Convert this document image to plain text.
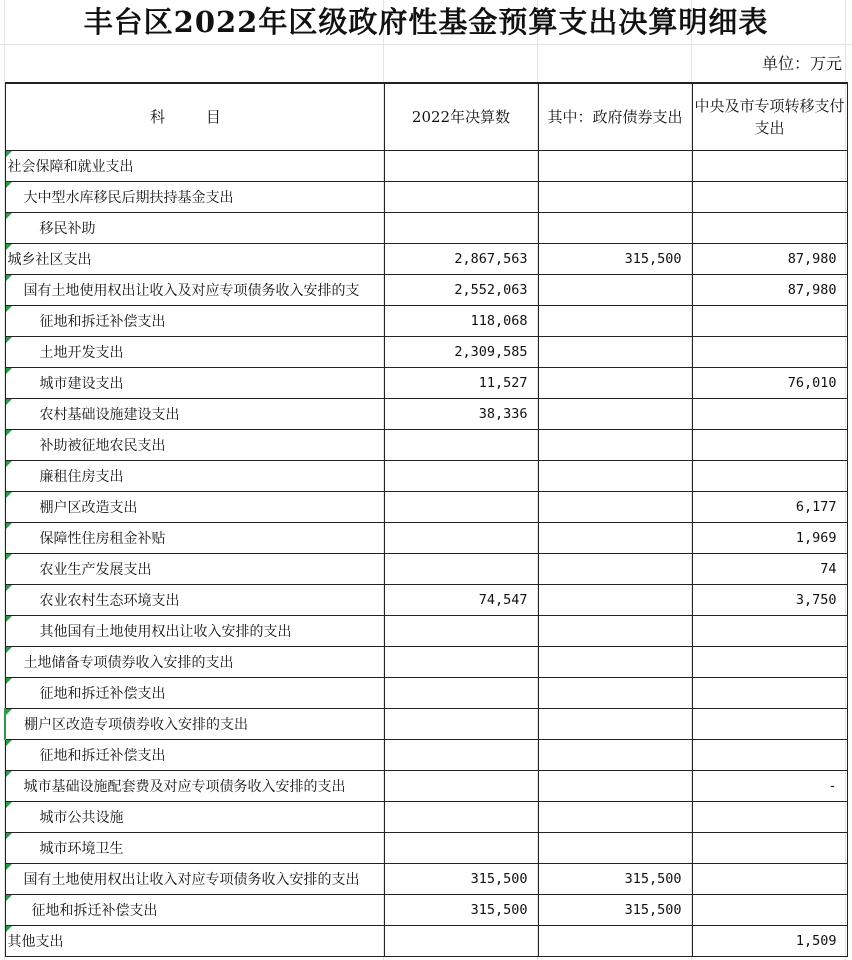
丰台区2022年区级政府性基金预算支出决算明细表
单位：万元
科 目	2022年决算数	其中：政府债券支出	中央及市专项转移支付支出
社会保障和就业支出			
大中型水库移民后期扶持基金支出			
移民补助			
城乡社区支出	2,867,563	315,500	87,980
国有土地使用权出让收入及对应专项债务收入安排的支	2,552,063		87,980
征地和拆迁补偿支出	118,068		
土地开发支出	2,309,585		
城市建设支出	11,527		76,010
农村基础设施建设支出	38,336		
补助被征地农民支出			
廉租住房支出			
棚户区改造支出			6,177
保障性住房租金补贴			1,969
农业生产发展支出			74
农业农村生态环境支出	74,547		3,750
其他国有土地使用权出让收入安排的支出			
土地储备专项债券收入安排的支出			
征地和拆迁补偿支出			
棚户区改造专项债券收入安排的支出			
征地和拆迁补偿支出			
城市基础设施配套费及对应专项债务收入安排的支出			-
城市公共设施			
城市环境卫生			
国有土地使用权出让收入对应专项债务收入安排的支出	315,500	315,500	
征地和拆迁补偿支出	315,500	315,500	
其他支出			1,509
